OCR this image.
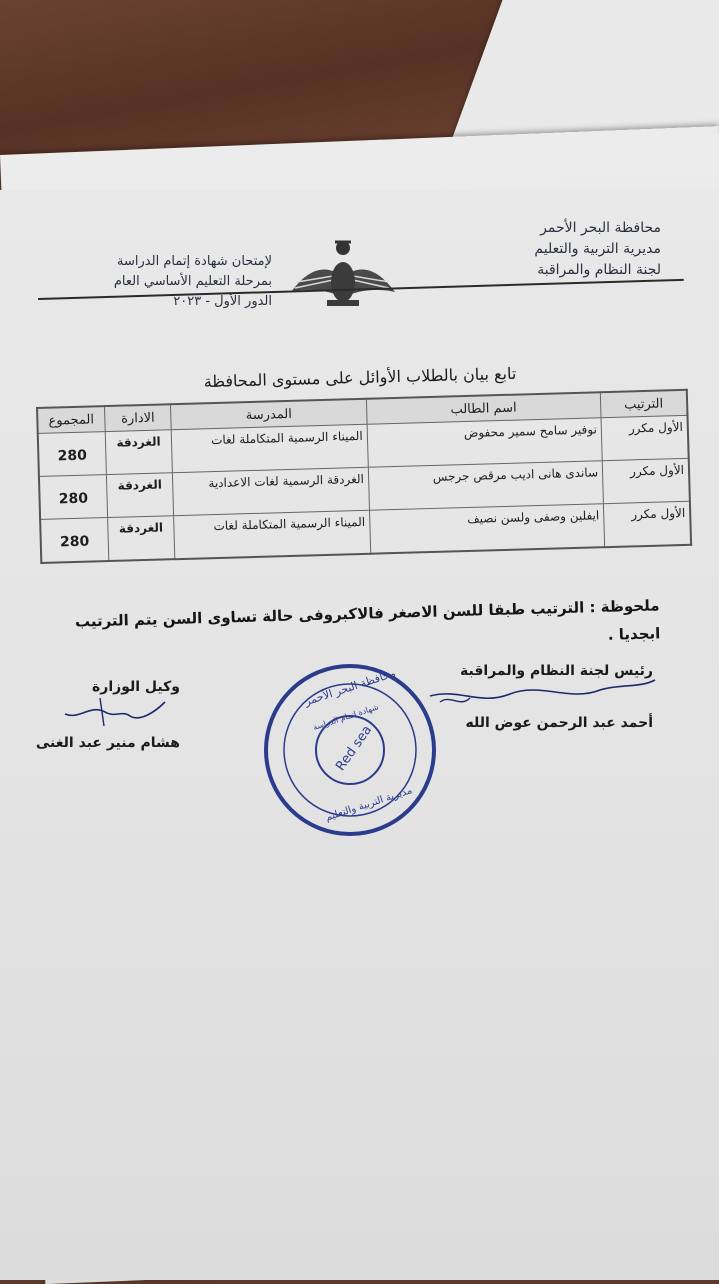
محافظة البحر الأحمر
مديرية التربية والتعليم
لجنة النظام والمراقبة
لإمتحان شهادة إتمام الدراسة
بمرحلة التعليم الأساسي العام
الدور الأول - ٢٠٢٣
تابع بيان بالطلاب الأوائل على مستوى المحافظة
الترتيب	اسم الطالب	المدرسة	الادارة	المجموع
الأول مكرر	نوفير سامح سمير محفوض	الميناء الرسمية المتكاملة لغات	الغردقة	280
الأول مكرر	ساندى هانى اديب مرقص جرجس	الغردقة الرسمية لغات الاعدادية	الغردقة	280
الأول مكرر	ايفلين وصفى ولسن نصيف	الميناء الرسمية المتكاملة لغات	الغردقة	280
ملحوظة : الترتيب طبقا للسن الاصغر فالاكبروفى حالة تساوى السن يتم الترتيب ابجديا .
رئيس لجنة النظام والمراقبة
أحمد عبد الرحمن عوض الله
وكيل الوزارة
هشام منير عبد الغنى
محافظة البحر الأحمر
شهادة اتمام الدراسة
Red sea
مديرية التربية والتعليم
